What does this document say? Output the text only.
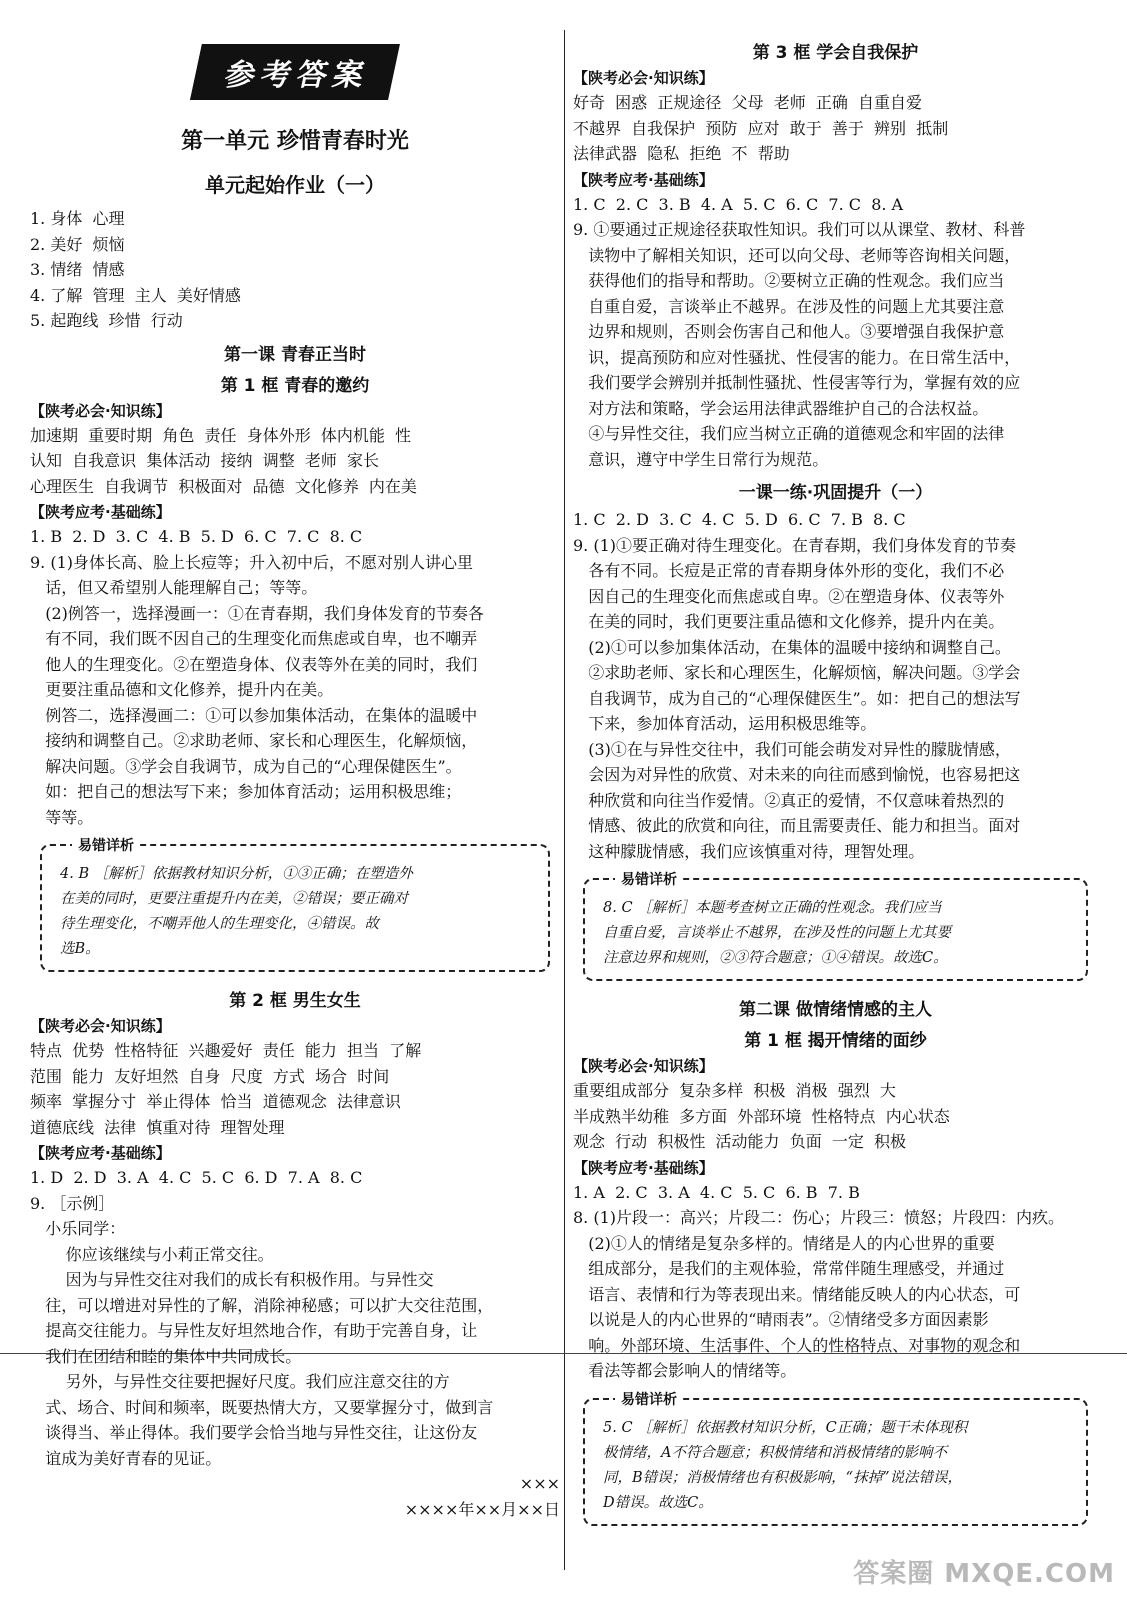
参考答案
第一单元 珍惜青春时光
单元起始作业（一）
1. 身体  心理
2. 美好  烦恼
3. 情绪  情感
4. 了解  管理  主人  美好情感
5. 起跑线  珍惜  行动
第一课 青春正当时
第 1 框 青春的邀约
【陕考必会·知识练】
加速期  重要时期  角色  责任  身体外形  体内机能  性
认知  自我意识  集体活动  接纳  调整  老师  家长
心理医生  自我调节  积极面对  品德  文化修养  内在美
【陕考应考·基础练】
1. B  2. D  3. C  4. B  5. D  6. C  7. C  8. C
9. (1)身体长高、脸上长痘等；升入初中后，不愿对别人讲心里
话，但又希望别人能理解自己；等等。
(2)例答一，选择漫画一：①在青春期，我们身体发育的节奏各
有不同，我们既不因自己的生理变化而焦虑或自卑，也不嘲弄
他人的生理变化。②在塑造身体、仪表等外在美的同时，我们
更要注重品德和文化修养，提升内在美。
例答二，选择漫画二：①可以参加集体活动，在集体的温暖中
接纳和调整自己。②求助老师、家长和心理医生，化解烦恼，
解决问题。③学会自我调节，成为自己的“心理保健医生”。
如：把自己的想法写下来；参加体育活动；运用积极思维；
等等。
易错详析
4. B ［解析］依据教材知识分析，①③正确；在塑造外
在美的同时，更要注重提升内在美，②错误；要正确对
待生理变化，不嘲弄他人的生理变化，④错误。故
选B。
第 2 框 男生女生
【陕考必会·知识练】
特点  优势  性格特征  兴趣爱好  责任  能力  担当  了解
范围  能力  友好坦然  自身  尺度  方式  场合  时间
频率  掌握分寸  举止得体  恰当  道德观念  法律意识
道德底线  法律  慎重对待  理智处理
【陕考应考·基础练】
1. D  2. D  3. A  4. C  5. C  6. D  7. A  8. C
9. ［示例］
小乐同学：
你应该继续与小莉正常交往。
因为与异性交往对我们的成长有积极作用。与异性交
往，可以增进对异性的了解，消除神秘感；可以扩大交往范围，
提高交往能力。与异性友好坦然地合作，有助于完善自身，让
我们在团结和睦的集体中共同成长。
另外，与异性交往要把握好尺度。我们应注意交往的方
式、场合、时间和频率，既要热情大方，又要掌握分寸，做到言
谈得当、举止得体。我们要学会恰当地与异性交往，让这份友
谊成为美好青春的见证。
×××
××××年××月××日
第 3 框 学会自我保护
【陕考必会·知识练】
好奇  困惑  正规途径  父母  老师  正确  自重自爱
不越界  自我保护  预防  应对  敢于  善于  辨别  抵制
法律武器  隐私  拒绝  不  帮助
【陕考应考·基础练】
1. C  2. C  3. B  4. A  5. C  6. C  7. C  8. A
9. ①要通过正规途径获取性知识。我们可以从课堂、教材、科普
读物中了解相关知识，还可以向父母、老师等咨询相关问题，
获得他们的指导和帮助。②要树立正确的性观念。我们应当
自重自爱，言谈举止不越界。在涉及性的问题上尤其要注意
边界和规则，否则会伤害自己和他人。③要增强自我保护意
识，提高预防和应对性骚扰、性侵害的能力。在日常生活中，
我们要学会辨别并抵制性骚扰、性侵害等行为，掌握有效的应
对方法和策略，学会运用法律武器维护自己的合法权益。
④与异性交往，我们应当树立正确的道德观念和牢固的法律
意识，遵守中学生日常行为规范。
一课一练·巩固提升（一）
1. C  2. D  3. C  4. C  5. D  6. C  7. B  8. C
9. (1)①要正确对待生理变化。在青春期，我们身体发育的节奏
各有不同。长痘是正常的青春期身体外形的变化，我们不必
因自己的生理变化而焦虑或自卑。②在塑造身体、仪表等外
在美的同时，我们更要注重品德和文化修养，提升内在美。
(2)①可以参加集体活动，在集体的温暖中接纳和调整自己。
②求助老师、家长和心理医生，化解烦恼，解决问题。③学会
自我调节，成为自己的“心理保健医生”。如：把自己的想法写
下来，参加体育活动，运用积极思维等。
(3)①在与异性交往中，我们可能会萌发对异性的朦胧情感，
会因为对异性的欣赏、对未来的向往而感到愉悦，也容易把这
种欣赏和向往当作爱情。②真正的爱情，不仅意味着热烈的
情感、彼此的欣赏和向往，而且需要责任、能力和担当。面对
这种朦胧情感，我们应该慎重对待，理智处理。
易错详析
8. C ［解析］本题考查树立正确的性观念。我们应当
自重自爱，言谈举止不越界，在涉及性的问题上尤其要
注意边界和规则，②③符合题意；①④错误。故选C。
第二课 做情绪情感的主人
第 1 框 揭开情绪的面纱
【陕考必会·知识练】
重要组成部分  复杂多样  积极  消极  强烈  大
半成熟半幼稚  多方面  外部环境  性格特点  内心状态
观念  行动  积极性  活动能力  负面  一定  积极
【陕考应考·基础练】
1. A  2. C  3. A  4. C  5. C  6. B  7. B
8. (1)片段一：高兴；片段二：伤心；片段三：愤怒；片段四：内疚。
(2)①人的情绪是复杂多样的。情绪是人的内心世界的重要
组成部分，是我们的主观体验，常常伴随生理感受，并通过
语言、表情和行为等表现出来。情绪能反映人的内心状态，可
以说是人的内心世界的“晴雨表”。②情绪受多方面因素影
响。外部环境、生活事件、个人的性格特点、对事物的观念和
看法等都会影响人的情绪等。
易错详析
5. C ［解析］依据教材知识分析，C正确；题干未体现积
极情绪，A不符合题意；积极情绪和消极情绪的影响不
同，B错误；消极情绪也有积极影响，“抹掉”说法错误，
D错误。故选C。
答案圈 MXQE.COM
